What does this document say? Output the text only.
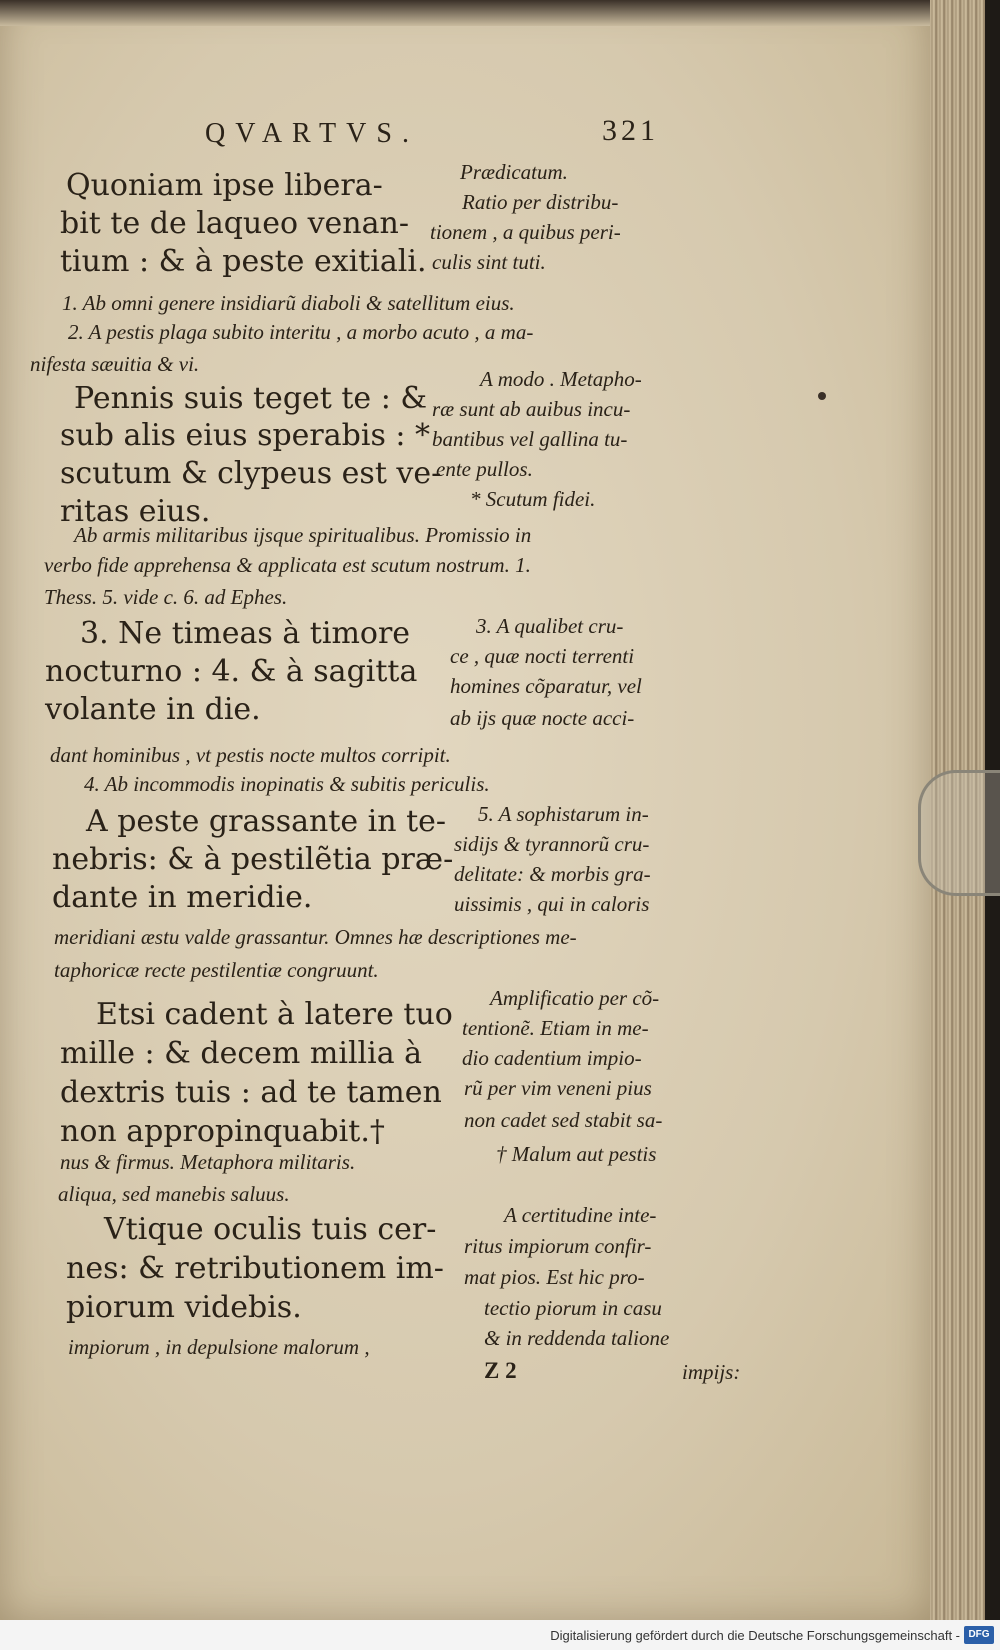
QVARTVS.	321
Quoniam ipse libera-
bit te de laqueo venan-
tium : & à peste exitiali.
Prædicatum.
Ratio per distribu-
tionem , a quibus peri-
culis sint tuti.
1. Ab omni genere insidiarũ diaboli & satellitum eius.
2. A pestis plaga subito interitu , a morbo acuto , a ma-
nifesta sæuitia & vi.
Pennis suis teget te : &
sub alis eius sperabis : *
scutum & clypeus est ve-
ritas eius.
A modo . Metapho-
ræ sunt ab auibus incu-
bantibus vel gallina tu-
ente pullos.
* Scutum fidei.
Ab armis militaribus ijsque spiritualibus. Promissio in
verbo fide apprehensa & applicata est scutum nostrum. 1.
Thess. 5. vide c. 6. ad Ephes.
3. Ne timeas à timore
nocturno : 4. & à sagitta
volante in die.
3. A qualibet cru-
ce , quæ nocti terrenti
homines cõparatur, vel
ab ijs quæ nocte acci-
dant hominibus , vt pestis nocte multos corripit.
4. Ab incommodis inopinatis & subitis periculis.
A peste grassante in te-
nebris: & à pestilẽtia præ-
dante in meridie.
5. A sophistarum in-
sidijs & tyrannorũ cru-
delitate: & morbis gra-
uissimis , qui in caloris
meridiani æstu valde grassantur. Omnes hæ descriptiones me-
taphoricæ recte pestilentiæ congruunt.
Etsi cadent à latere tuo
mille : & decem millia à
dextris tuis : ad te tamen
non appropinquabit.†
Amplificatio per cõ-
tentionẽ. Etiam in me-
dio cadentium impio-
rũ per vim veneni pius
non cadet sed stabit sa-
nus & firmus. Metaphora militaris.	† Malum aut pestis
aliqua, sed manebis saluus.
Vtique oculis tuis cer-
nes: & retributionem im-
piorum videbis.
A certitudine inte-
ritus impiorum confir-
mat pios. Est hic pro-
tectio piorum in casu
impiorum , in depulsione malorum ,	& in reddenda talione
Z 2	impijs:
Digitalisierung gefördert durch die Deutsche Forschungsgemeinschaft - DFG
